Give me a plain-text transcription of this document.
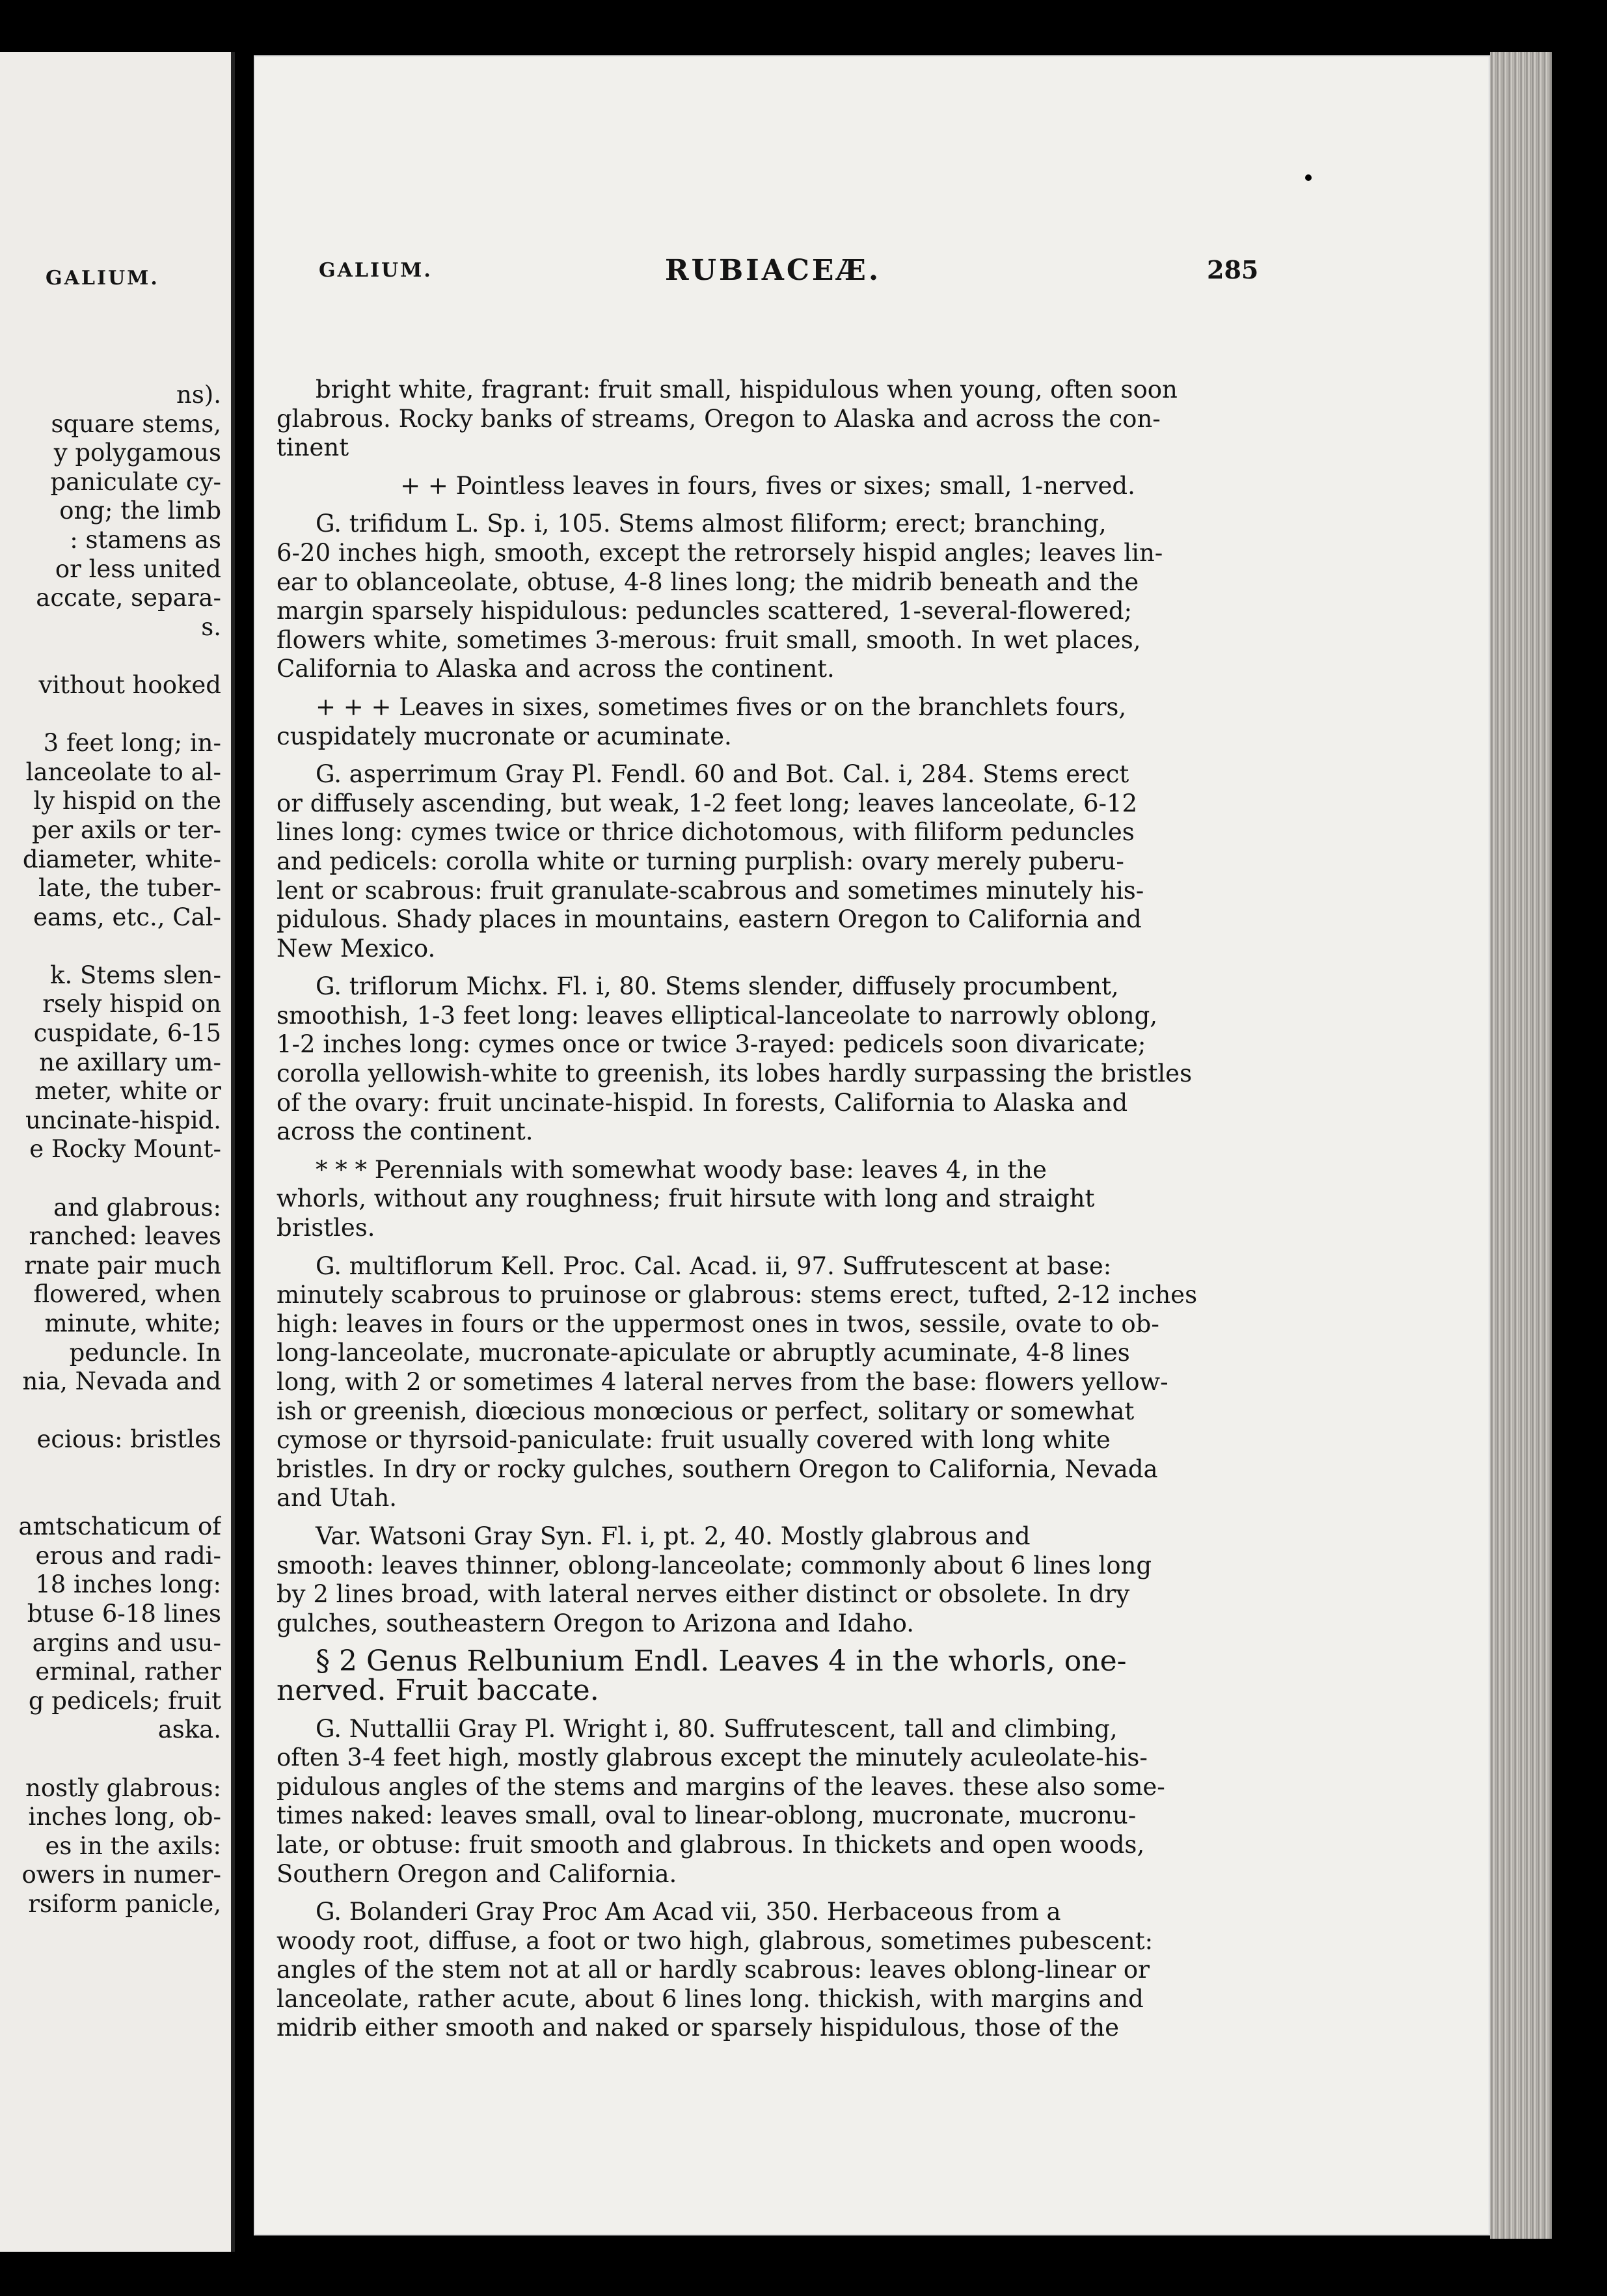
GALIUM.
ns).
square stems,
y polygamous
paniculate cy-
ong; the limb
: stamens as
or less united
accate, separa-
s.

vithout hooked

3 feet long; in-
lanceolate to al-
ly hispid on the
per axils or ter-
diameter, white-
late, the tuber-
eams, etc., Cal-

k. Stems slen-
rsely hispid on
cuspidate, 6-15
ne axillary um-
meter, white or
uncinate-hispid.
e Rocky Mount-

and glabrous:
ranched: leaves
rnate pair much
flowered, when
minute, white;
peduncle. In
nia, Nevada and

ecious: bristles

amtschaticum of
erous and radi-
18 inches long:
btuse 6-18 lines
argins and usu-
erminal, rather
g pedicels; fruit
aska.

nostly glabrous:
inches long, ob-
es in the axils:
owers in numer-
rsiform panicle,
GALIUM.	RUBIACEÆ.	285
bright white, fragrant: fruit small, hispidulous when young, often soon
glabrous. Rocky banks of streams, Oregon to Alaska and across the con-
tinent
+ + Pointless leaves in fours, fives or sixes; small, 1-nerved.
G. trifidum L. Sp. i, 105. Stems almost filiform; erect; branching,
6-20 inches high, smooth, except the retrorsely hispid angles; leaves lin-
ear to oblanceolate, obtuse, 4-8 lines long; the midrib beneath and the
margin sparsely hispidulous: peduncles scattered, 1-several-flowered;
flowers white, sometimes 3-merous: fruit small, smooth. In wet places,
California to Alaska and across the continent.
+ + + Leaves in sixes, sometimes fives or on the branchlets fours,
cuspidately mucronate or acuminate.
G. asperrimum Gray Pl. Fendl. 60 and Bot. Cal. i, 284. Stems erect
or diffusely ascending, but weak, 1-2 feet long; leaves lanceolate, 6-12
lines long: cymes twice or thrice dichotomous, with filiform peduncles
and pedicels: corolla white or turning purplish: ovary merely puberu-
lent or scabrous: fruit granulate-scabrous and sometimes minutely his-
pidulous. Shady places in mountains, eastern Oregon to California and
New Mexico.
G. triflorum Michx. Fl. i, 80. Stems slender, diffusely procumbent,
smoothish, 1-3 feet long: leaves elliptical-lanceolate to narrowly oblong,
1-2 inches long: cymes once or twice 3-rayed: pedicels soon divaricate;
corolla yellowish-white to greenish, its lobes hardly surpassing the bristles
of the ovary: fruit uncinate-hispid. In forests, California to Alaska and
across the continent.
* * * Perennials with somewhat woody base: leaves 4, in the
whorls, without any roughness; fruit hirsute with long and straight
bristles.
G. multiflorum Kell. Proc. Cal. Acad. ii, 97. Suffrutescent at base:
minutely scabrous to pruinose or glabrous: stems erect, tufted, 2-12 inches
high: leaves in fours or the uppermost ones in twos, sessile, ovate to ob-
long-lanceolate, mucronate-apiculate or abruptly acuminate, 4-8 lines
long, with 2 or sometimes 4 lateral nerves from the base: flowers yellow-
ish or greenish, diœcious monœcious or perfect, solitary or somewhat
cymose or thyrsoid-paniculate: fruit usually covered with long white
bristles. In dry or rocky gulches, southern Oregon to California, Nevada
and Utah.
Var. Watsoni Gray Syn. Fl. i, pt. 2, 40. Mostly glabrous and
smooth: leaves thinner, oblong-lanceolate; commonly about 6 lines long
by 2 lines broad, with lateral nerves either distinct or obsolete. In dry
gulches, southeastern Oregon to Arizona and Idaho.
§ 2 Genus Relbunium Endl. Leaves 4 in the whorls, one-
nerved. Fruit baccate.
G. Nuttallii Gray Pl. Wright i, 80. Suffrutescent, tall and climbing,
often 3-4 feet high, mostly glabrous except the minutely aculeolate-his-
pidulous angles of the stems and margins of the leaves. these also some-
times naked: leaves small, oval to linear-oblong, mucronate, mucronu-
late, or obtuse: fruit smooth and glabrous. In thickets and open woods,
Southern Oregon and California.
G. Bolanderi Gray Proc Am Acad vii, 350. Herbaceous from a
woody root, diffuse, a foot or two high, glabrous, sometimes pubescent:
angles of the stem not at all or hardly scabrous: leaves oblong-linear or
lanceolate, rather acute, about 6 lines long. thickish, with margins and
midrib either smooth and naked or sparsely hispidulous, those of the
